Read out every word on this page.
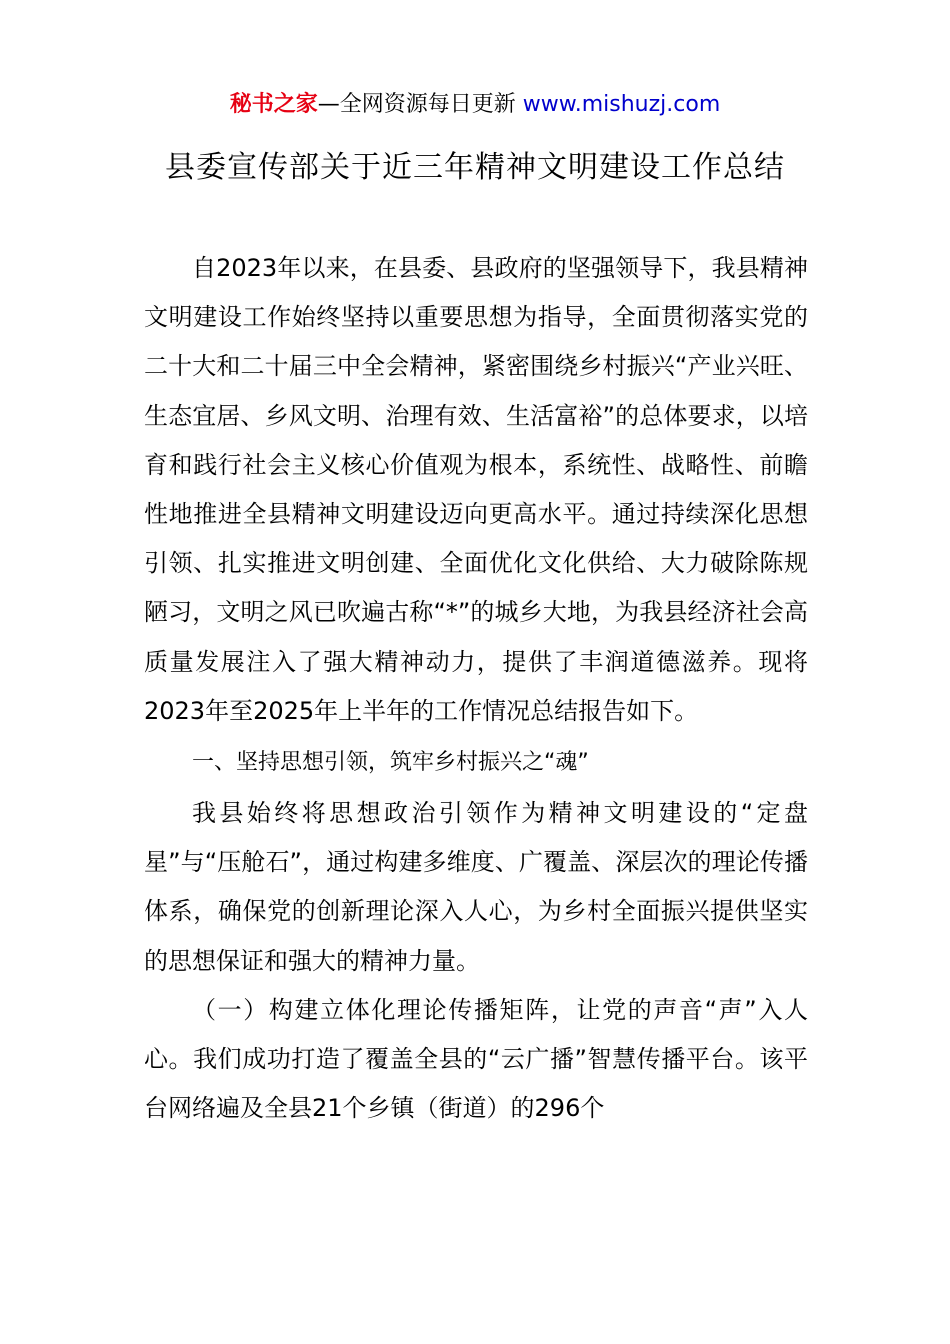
秘书之家—全网资源每日更新 www.mishuzj.com
县委宣传部关于近三年精神文明建设工作总结

自2023年以来，在县委、县政府的坚强领导下，我县精神文明建设工作始终坚持以重要思想为指导，全面贯彻落实党的二十大和二十届三中全会精神，紧密围绕乡村振兴“产业兴旺、生态宜居、乡风文明、治理有效、生活富裕”的总体要求，以培育和践行社会主义核心价值观为根本，系统性、战略性、前瞻性地推进全县精神文明建设迈向更高水平。通过持续深化思想引领、扎实推进文明创建、全面优化文化供给、大力破除陈规陋习，文明之风已吹遍古称“*”的城乡大地，为我县经济社会高质量发展注入了强大精神动力，提供了丰润道德滋养。现将2023年至2025年上半年的工作情况总结报告如下。

一、坚持思想引领，筑牢乡村振兴之“魂”

我县始终将思想政治引领作为精神文明建设的“定盘星”与“压舱石”，通过构建多维度、广覆盖、深层次的理论传播体系，确保党的创新理论深入人心，为乡村全面振兴提供坚实的思想保证和强大的精神力量。

（一）构建立体化理论传播矩阵，让党的声音“声”入人心。我们成功打造了覆盖全县的“云广播”智慧传播平台。该平台网络遍及全县21个乡镇（街道）的296个
